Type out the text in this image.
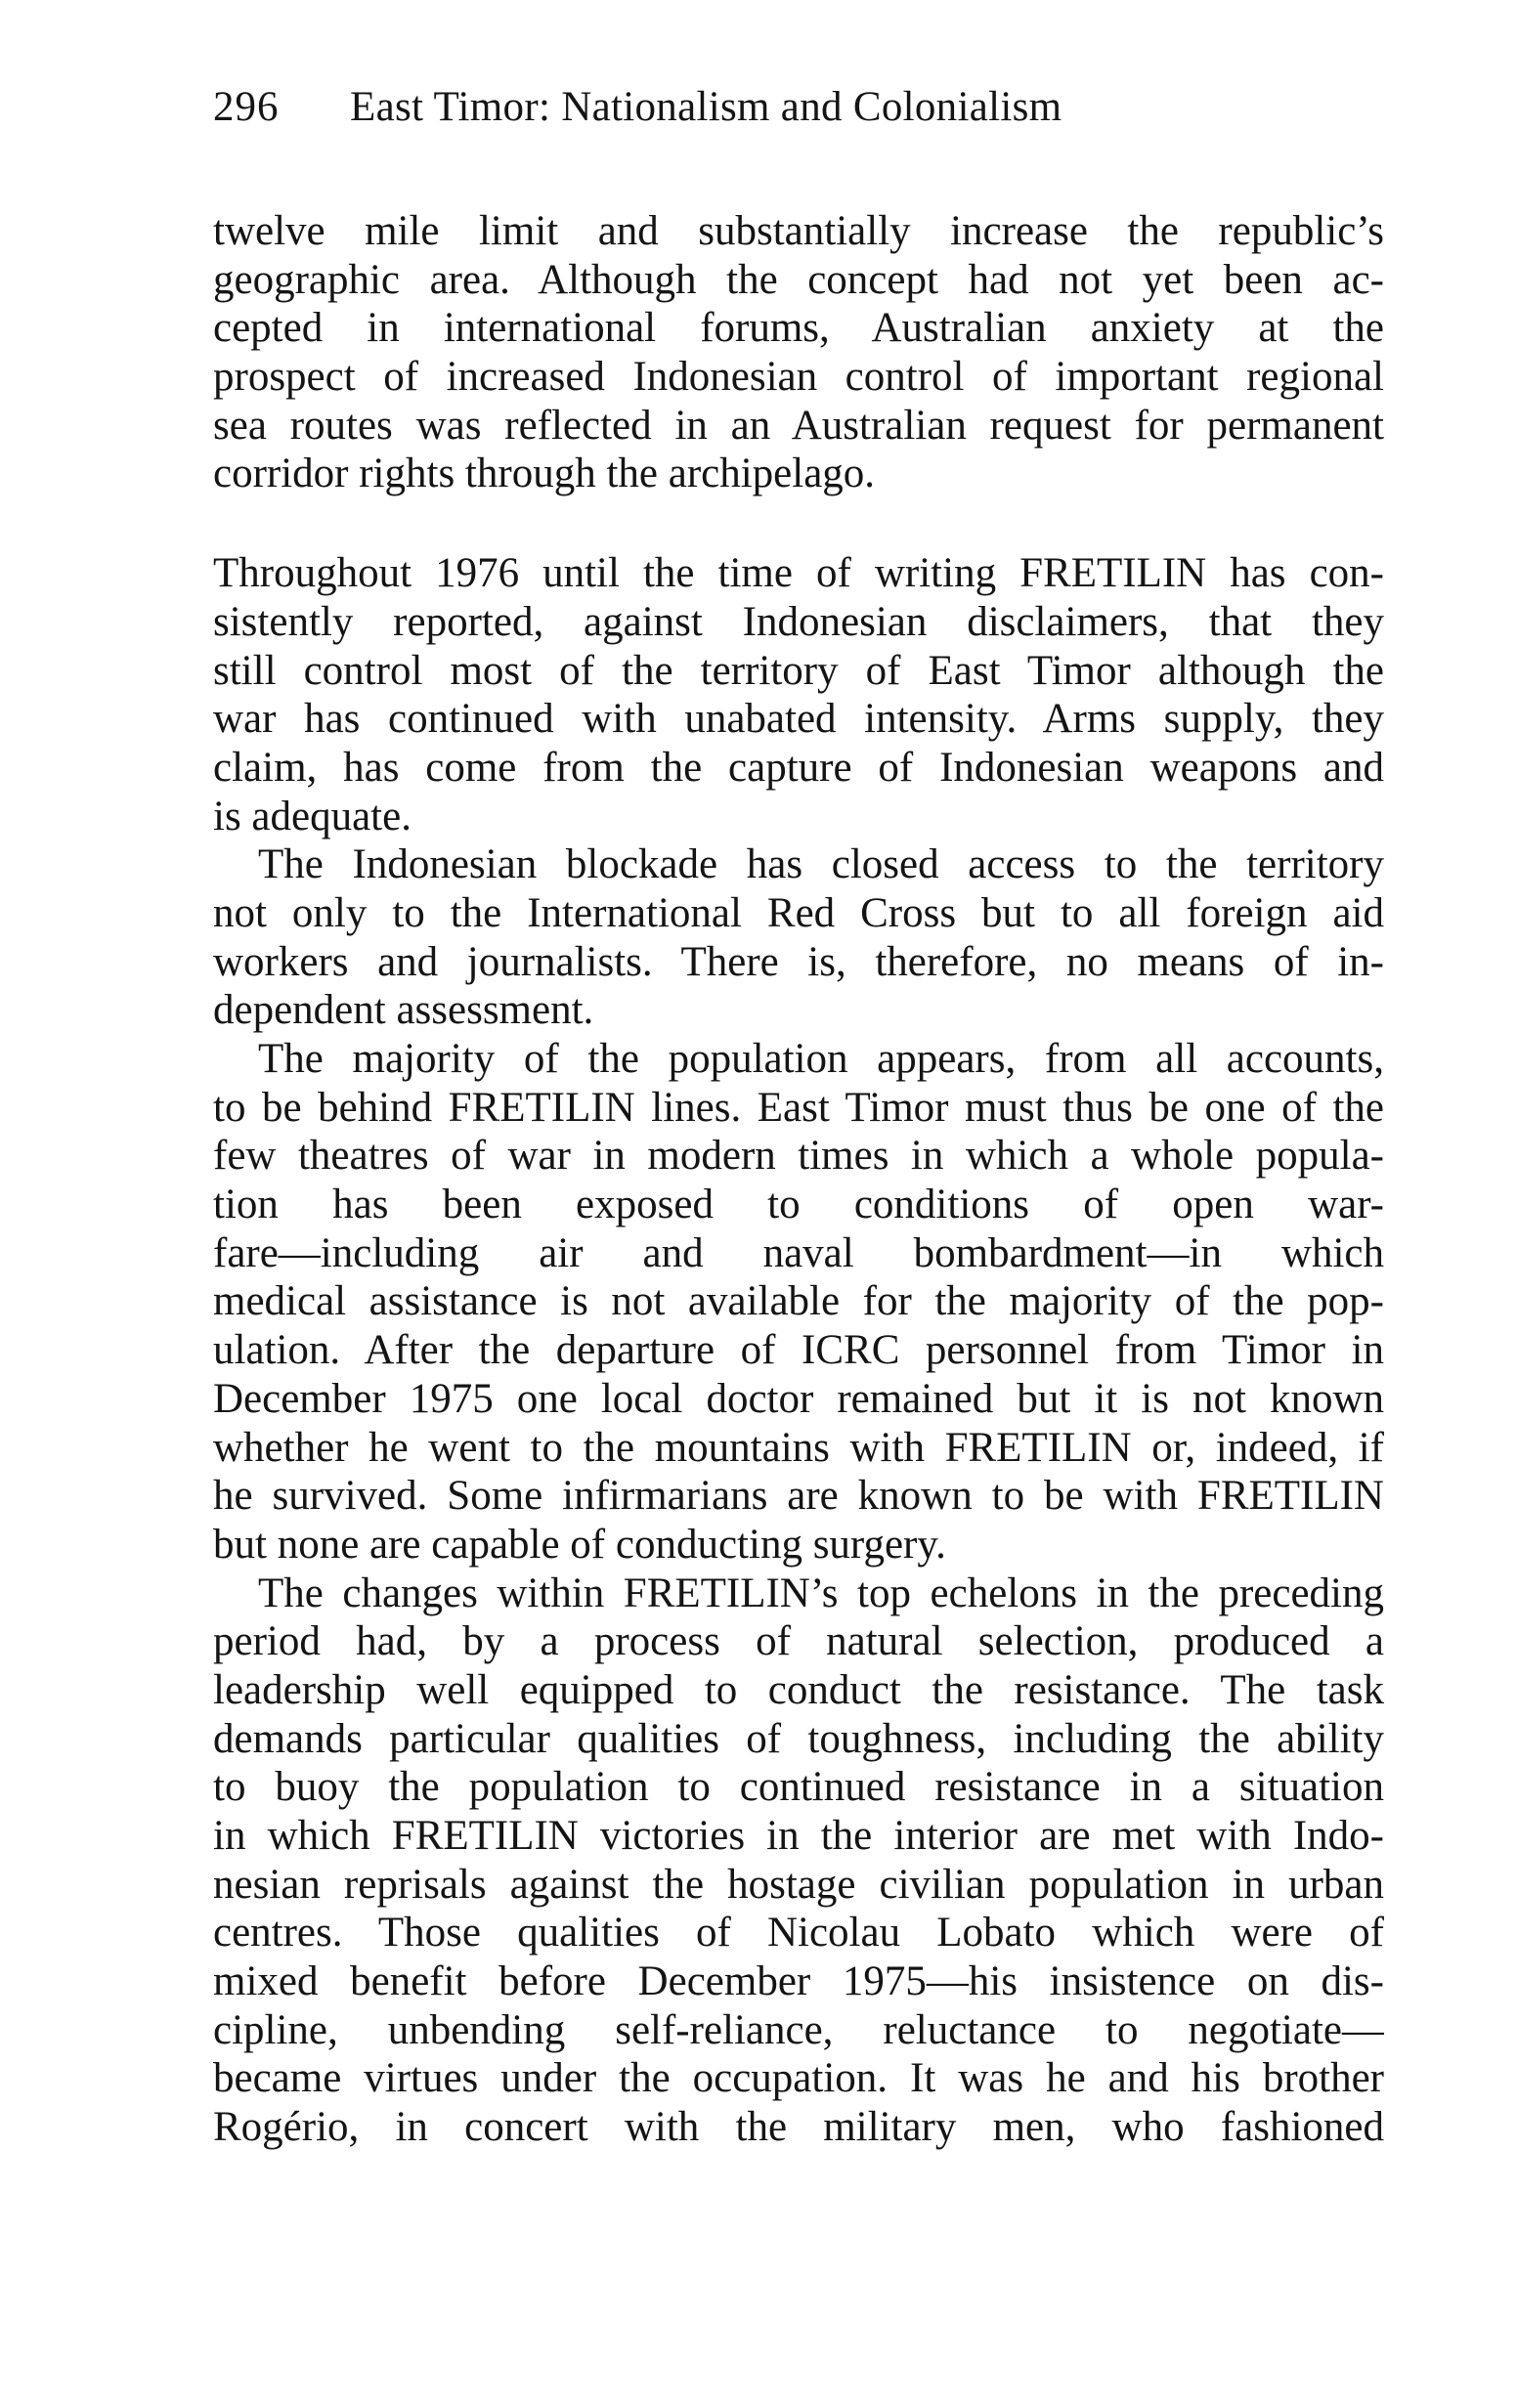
296 East Timor: Nationalism and Colonialism
twelve mile limit and substantially increase the republic’s
geographic area. Although the concept had not yet been ac-
cepted in international forums, Australian anxiety at the
prospect of increased Indonesian control of important regional
sea routes was reflected in an Australian request for permanent
corridor rights through the archipelago.
Throughout 1976 until the time of writing FRETILIN has con-
sistently reported, against Indonesian disclaimers, that they
still control most of the territory of East Timor although the
war has continued with unabated intensity. Arms supply, they
claim, has come from the capture of Indonesian weapons and
is adequate.
The Indonesian blockade has closed access to the territory
not only to the International Red Cross but to all foreign aid
workers and journalists. There is, therefore, no means of in-
dependent assessment.
The majority of the population appears, from all accounts,
to be behind FRETILIN lines. East Timor must thus be one of the
few theatres of war in modern times in which a whole popula-
tion has been exposed to conditions of open war-
fare—including air and naval bombardment—in which
medical assistance is not available for the majority of the pop-
ulation. After the departure of ICRC personnel from Timor in
December 1975 one local doctor remained but it is not known
whether he went to the mountains with FRETILIN or, indeed, if
he survived. Some infirmarians are known to be with FRETILIN
but none are capable of conducting surgery.
The changes within FRETILIN’s top echelons in the preceding
period had, by a process of natural selection, produced a
leadership well equipped to conduct the resistance. The task
demands particular qualities of toughness, including the ability
to buoy the population to continued resistance in a situation
in which FRETILIN victories in the interior are met with Indo-
nesian reprisals against the hostage civilian population in urban
centres. Those qualities of Nicolau Lobato which were of
mixed benefit before December 1975—his insistence on dis-
cipline, unbending self-reliance, reluctance to negotiate—
became virtues under the occupation. It was he and his brother
Rogério, in concert with the military men, who fashioned
